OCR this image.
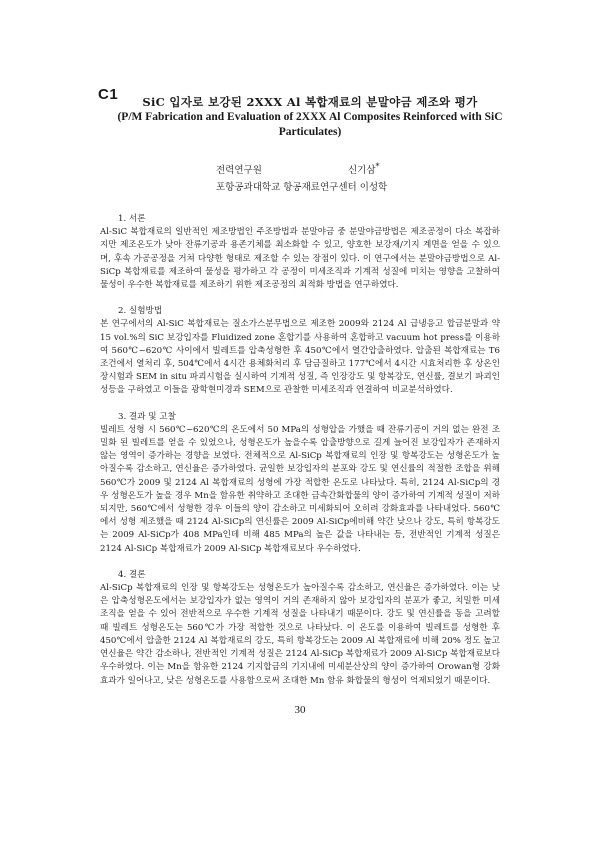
C1	SiC 입자로 보강된 2XXX Al 복합재료의 분말야금 제조와 평가
(P/M Fabrication and Evaluation of 2XXX Al Composites Reinforced with SiC Particulates)
전력연구원	신기삼*
포항공과대학교 항공재료연구센터 이성학

1. 서론

Al-SiC 복합재료의 일반적인 제조방법인 주조방법과 분말야금 중 분말야금방법은 제조공정이 다소 복잡하지만 제조온도가 낮아 잔류기공과 용존기체를 최소화할 수 있고, 양호한 보강재/기지 계면을 얻을 수 있으며, 후속 가공공정을 거쳐 다양한 형태로 제조할 수 있는 장점이 있다. 이 연구에서는 분말야금방법으로 Al-SiCp 복합재료를 제조하여 물성을 평가하고 각 공정이 미세조직과 기계적 성질에 미치는 영향을 고찰하여 물성이 우수한 복합재료를 제조하기 위한 제조공정의 최적화 방법을 연구하였다.

2. 실험방법

본 연구에서의 Al-SiC 복합재료는 질소가스분무법으로 제조한 2009와 2124 Al 급냉응고 합금분말과 약 15 vol.%의 SiC 보강입자를 Fluidized zone 혼합기를 사용하여 혼합하고 vacuum hot press를 이용하여 560℃~620℃ 사이에서 빌레트를 압축성형한 후 450℃에서 열간압출하였다. 압출된 복합재료는 T6 조건에서 열처리 후, 504℃에서 4시간 용체화처리 후 담금질하고 177℃에서 4시간 시효처리한 후 상온인장시험과 SEM in situ 파괴시험을 실시하여 기계적 성질, 즉 인장강도 및 항복강도, 연신률, 결보기 파괴인성등을 구하였고 이들을 광학현미경과 SEM으로 관찰한 미세조직과 연결하여 비교분석하였다.

3. 결과 및 고찰

빌레트 성형 시 560℃~620℃의 온도에서 50 MPa의 성형압을 가했을 때 잔류기공이 거의 없는 완전 조밀화 된 빌레트를 얻을 수 있었으나, 성형온도가 높을수록 압출방향으로 길게 늘어진 보강입자가 존재하지 않는 영역이 증가하는 경향을 보였다. 전체적으로 Al-SiCp 복합재료의 인장 및 항복강도는 성형온도가 높아질수록 감소하고, 연신율은 증가하였다. 균일한 보강입자의 분포와 강도 및 연신률의 적절한 조합을 위해 560℃가 2009 및 2124 Al 복합재료의 성형에 가장 적합한 온도로 나타났다. 특히, 2124 Al-SiCp의 경우 성형온도가 높을 경우 Mn을 함유한 취약하고 조대한 금속간화합물의 양이 증가하여 기계적 성질이 저하 되지만, 560℃에서 성형한 경우 이들의 양이 감소하고 미세화되어 오히려 강화효과를 나타내었다. 560℃에서 성형 제조했을 때 2124 Al-SiCp의 연신률은 2009 Al-SiCp에비해 약간 낮으나 강도, 특히 항복강도는 2009 Al-SiCp가 408 MPa인데 비해 485 MPa의 높은 값을 나타내는 등, 전반적인 기계적 성질은 2124 Al-SiCp 복합재료가 2009 Al-SiCp 복합재료보다 우수하였다.

4. 결론

Al-SiCp 복합재료의 인장 및 항복강도는 성형온도가 높아질수록 감소하고, 연신율은 증가하였다. 이는 낮은 압축성형온도에서는 보강입자가 없는 영역이 거의 존재하지 않아 보강입자의 분포가 좋고, 치밀한 미세조직을 얻을 수 있어 전반적으로 우수한 기계적 성질을 나타내기 때문이다. 강도 및 연신률을 동을 고려할 때 빌레트 성형온도는 560℃가 가장 적합한 것으로 나타났다. 이 온도를 이용하여 빌레트를 성형한 후 450℃에서 압출한 2124 Al 복합재료의 강도, 특히 항복강도는 2009 Al 복합재료에 비해 20% 정도 높고 연신율은 약간 감소하나, 전반적인 기계적 성질은 2124 Al-SiCp 복합재료가 2009 Al-SiCp 복합재료보다 우수하였다. 이는 Mn을 함유한 2124 기지합금의 기지내에 미세분산상의 양이 증가하여 Orowan형 강화효과가 일어나고, 낮은 성형온도를 사용함으로써 조대한 Mn 함유 화합물의 형성이 억제되었기 때문이다.

30
